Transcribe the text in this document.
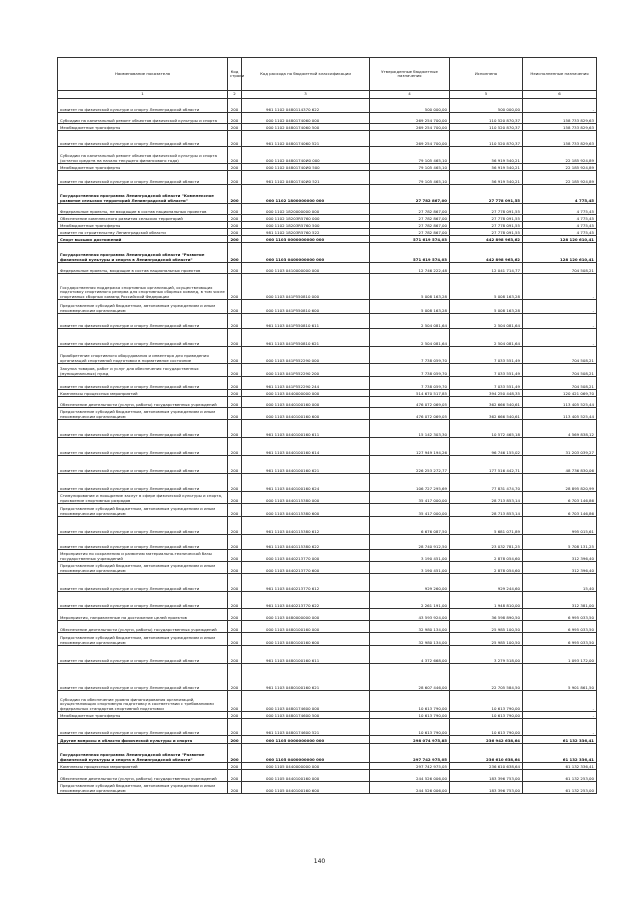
Наименование показателя	Код строки	Код расхода по бюджетной классификации	Утвержденные бюджетные назначения	Исполнено	Неисполненные назначения
1	2	3	4	5	6
комитет по физической культуре и спорту Ленинградской области	200	961 1102 0480114370 622	500 000,00	500 000,00	-
Субсидии на капитальный ремонт объектов физической культуры и спорта	200	000 1102 0480174060 000	269 254 700,00	110 520 870,37	158 733 829,63
Межбюджетные трансферты	200	000 1102 0480174060 500	269 254 700,00	110 520 870,37	158 733 829,63
комитет по физической культуре и спорту Ленинградской области	200	961 1102 0480174060 521	269 254 700,00	110 520 870,37	158 733 829,63
Субсидии на капитальный ремонт объектов физической культуры и спорта (остатки средств на начало текущего финансового года)	200	000 1102 04801740И0 000	79 105 465,10	56 919 540,21	22 185 924,89
Межбюджетные трансферты	200	000 1102 04801740И0 500	79 105 465,10	56 919 540,21	22 185 924,89
комитет по физической культуре и спорту Ленинградской области	200	961 1102 04801740И0 521	79 105 465,10	56 919 540,21	22 185 924,89
Государственная программа Ленинградской области "Комплексное развитие сельских территорий Ленинградской области"	200	000 1102 1800000000 000	27 782 867,00	27 778 091,55	4 775,45
Федеральные проекты, не входящие в состав национальных проектов	200	000 1102 1820000000 000	27 782 867,00	27 778 091,55	4 775,45
Обеспечение комплексного развития сельских территорий	200	000 1102 18203R5760 000	27 782 867,00	27 778 091,55	4 775,45
Межбюджетные трансферты	200	000 1102 18203R5760 500	27 782 867,00	27 778 091,55	4 775,45
комитет по строительству Ленинградской области	200	981 1102 18203R5760 522	27 782 867,00	27 778 091,55	4 775,45
Спорт высших достижений	200	000 1103 0000000000 000	571 619 574,03	442 898 963,62	128 120 610,41
Государственная программа Ленинградской области "Развитие физической культуры и спорта в Ленинградской области"	200	000 1103 0400000000 000	571 619 574,03	442 898 963,62	128 120 610,41
Федеральные проекты, входящие в состав национальных проектов	200	000 1103 0410000000 000	12 746 222,48	12 041 714,77	704 508,21
Государственная поддержка спортивных организаций, осуществляющих подготовку спортивного резерва для спортивных сборных команд, в том числе спортивных сборных команд Российской Федерации	200	000 1103 041P550810 000	5 008 163,28	5 008 163,28	-
Предоставление субсидий бюджетным, автономным учреждениям и иным некоммерческим организациям	200	000 1103 041P550810 600	5 008 163,28	5 008 163,28	-
комитет по физической культуре и спорту Ленинградской области	200	961 1103 041P550810 611	2 504 081,64	2 504 081,64	-
комитет по физической культуре и спорту Ленинградской области	200	961 1103 041P550810 621	2 504 081,64	2 504 081,64	-
Приобретение спортивного оборудования и инвентаря для приведения организаций спортивной подготовки в нормативное состояние	200	000 1103 041P552290 000	7 738 059,70	7 033 551,49	704 508,21
Закупка товаров, работ и услуг для обеспечения государственных (муниципальных) нужд	200	000 1103 041P552290 200	7 738 059,70	7 033 551,49	704 508,21
комитет по физической культуре и спорту Ленинградской области	200	961 1103 041P552290 244	7 738 059,70	7 033 551,49	704 508,21
Комплексы процессных мероприятий	200	000 1103 0440000000 000	514 670 517,85	394 250 448,35	120 421 069,70
Обеспечение деятельности (услуги, работы) государственных учреждений	200	000 1103 0440100160 000	476 072 069,05	362 666 540,61	113 405 525,44
Предоставление субсидий бюджетным, автономным учреждениям и иным некоммерческим организациям	200	000 1103 0440100160 600	476 072 069,05	362 666 540,61	113 405 525,44
комитет по физической культуре и спорту Ленинградской области	200	961 1103 0440100160 611	15 142 303,30	10 572 465,18	4 569 838,12
комитет по физической культуре и спорту Ленинградской области	200	961 1103 0440100160 614	127 949 194,26	96 746 155,02	31 203 039,27
комитет по физической культуре и спорту Ленинградской области	200	961 1103 0440100160 621	226 253 272,77	177 516 442,71	48 736 830,06
комитет по физической культуре и спорту Ленинградской области	200	961 1103 0440100160 624	106 727 295,69	77 831 474,70	28 895 820,99
Стимулирование и поощрение заслуг в сфере физической культуры и спорта, присвоение спортивных разрядов	200	000 1103 0440115380 000	35 417 000,00	28 713 853,14	6 703 146,86
Предоставление субсидий бюджетным, автономным учреждениям и иным некоммерческим организациям	200	000 1103 0440115380 600	35 417 000,00	28 713 853,14	6 703 146,86
комитет по физической культуре и спорту Ленинградской области	200	961 1103 0440115380 612	6 676 087,50	5 681 071,89	995 015,61
комитет по физической культуре и спорту Ленинградской области	200	961 1103 0440115380 622	28 740 912,50	23 032 781,25	5 708 131,25
Мероприятия по сохранению и развитию материально-технической базы государственных учреждений	200	000 1103 0440213770 000	3 190 451,00	2 878 054,60	312 396,40
Предоставление субсидий бюджетным, автономным учреждениям и иным некоммерческим организациям	200	000 1103 0440213770 600	3 190 451,00	2 878 054,60	312 396,40
комитет по физической культуре и спорту Ленинградской области	200	961 1103 0440213770 612	929 260,00	929 244,60	15,40
комитет по физической культуре и спорту Ленинградской области	200	961 1103 0440213770 622	2 261 191,00	1 948 810,00	312 381,00
Мероприятия, направленные на достижение целей проектов	200	000 1103 0480000000 000	43 593 924,00	36 598 890,50	6 995 033,50
Обеспечение деятельности (услуги, работы) государственных учреждений	200	000 1103 0480100160 000	32 980 134,00	25 985 100,50	6 995 033,50
Предоставление субсидий бюджетным, автономным учреждениям и иным некоммерческим организациям	200	000 1103 0480100160 600	32 980 134,00	25 985 100,50	6 995 033,50
комитет по физической культуре и спорту Ленинградской области	200	961 1103 0480100160 611	4 372 668,00	3 279 518,00	1 093 172,00
комитет по физической культуре и спорту Ленинградской области	200	961 1103 0480100160 621	28 607 446,00	22 705 584,50	5 901 861,50
Субсидии на обеспечение уровня финансирования организаций, осуществляющих спортивную подготовку в соответствии с требованиями федеральных стандартов спортивной подготовки	200	000 1103 0480174600 000	10 613 790,00	10 613 790,00	-
Межбюджетные трансферты	200	000 1103 0480174600 500	10 613 790,00	10 613 790,00	-
комитет по физической культуре и спорту Ленинградской области	200	961 1103 0480174600 521	10 613 790,00	10 613 790,00	-
Другие вопросы в области физической культуры и спорта	200	000 1105 0000000000 000	298 074 975,85	236 942 638,64	61 132 336,41
Государственная программа Ленинградской области "Развитие физической культуры и спорта в Ленинградской области"	200	000 1105 0400000000 000	297 742 975,05	236 610 638,64	61 132 336,41
Комплексы процессных мероприятий	200	000 1105 0440000000 000	297 742 975,05	236 610 638,64	61 132 336,41
Обеспечение деятельности (услуги, работы) государственных учреждений	200	000 1105 0440100160 000	244 526 006,00	183 396 753,00	61 132 253,00
Предоставление субсидий бюджетным, автономным учреждениям и иным некоммерческим организациям	200	000 1105 0440100160 600	244 526 006,00	183 396 753,00	61 132 253,00
140
